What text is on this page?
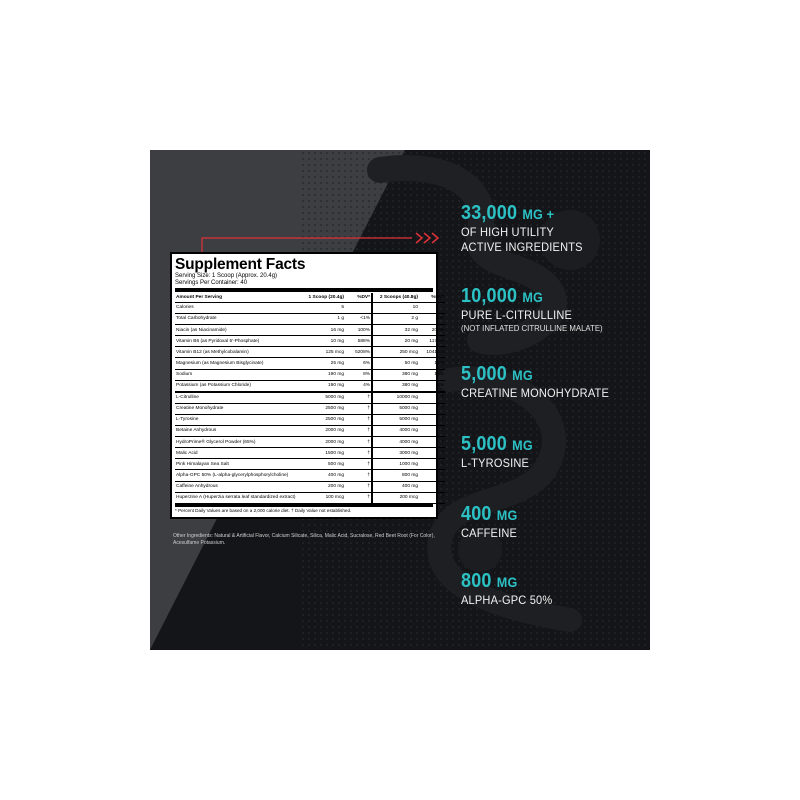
Supplement Facts
Serving Size: 1 Scoop (Approx. 20.4g)
Servings Per Container: 40
Amount Per Serving	1 Scoop (20.4g)	%DV*	2 Scoops (40.8g)	%DV*
Calories	5		10	
Total Carbohydrate	1 g	<1%	2 g	1%
Niacin (as Niacinamide)	16 mg	100%	32 mg	200%
Vitamin B6 (as Pyridoxal 5'-Phosphate)	10 mg	588%	20 mg	1176%
Vitamin B12 (as Methylcobalamin)	125 mcg	5208%	250 mcg	10416%
Magnesium (as Magnesium Bisglycinate)	25 mg	6%	50 mg	12%
Sodium	190 mg	8%	380 mg	16%
Potassium (as Potassium Chloride)	190 mg	4%	380 mg	8%
L-Citrulline	5000 mg	†	10000 mg	†
Creatine Monohydrate	2500 mg	†	5000 mg	†
L-Tyrosine	2500 mg	†	5000 mg	†
Betaine Anhydrous	2000 mg	†	4000 mg	†
HydroPrime® Glycerol Powder (65%)	2000 mg	†	4000 mg	†
Malic Acid	1500 mg	†	3000 mg	†
Pink Himalayan Sea Salt	500 mg	†	1000 mg	†
Alpha-GPC 50% (L-alpha-glycerylphosphorylcholine)	400 mg	†	800 mg	†
Caffeine Anhydrous	200 mg	†	400 mg	†
Huperzine A (Huperzia serrata leaf standardized extract)	100 mcg	†	200 mcg	†
* Percent Daily Values are based on a 2,000 calorie diet. † Daily Value not established.
Other Ingredients: Natural & Artificial Flavor, Calcium Silicate, Silica, Malic Acid, Sucralose, Red Beet Root (For Color), Acesulfame Potassium.
33,000 MG +
OF HIGH UTILITY
ACTIVE INGREDIENTS
10,000 MG
PURE L-CITRULLINE
(NOT INFLATED CITRULLINE MALATE)
5,000 MG
CREATINE MONOHYDRATE
5,000 MG
L-TYROSINE
400 MG
CAFFEINE
800 MG
ALPHA-GPC 50%
